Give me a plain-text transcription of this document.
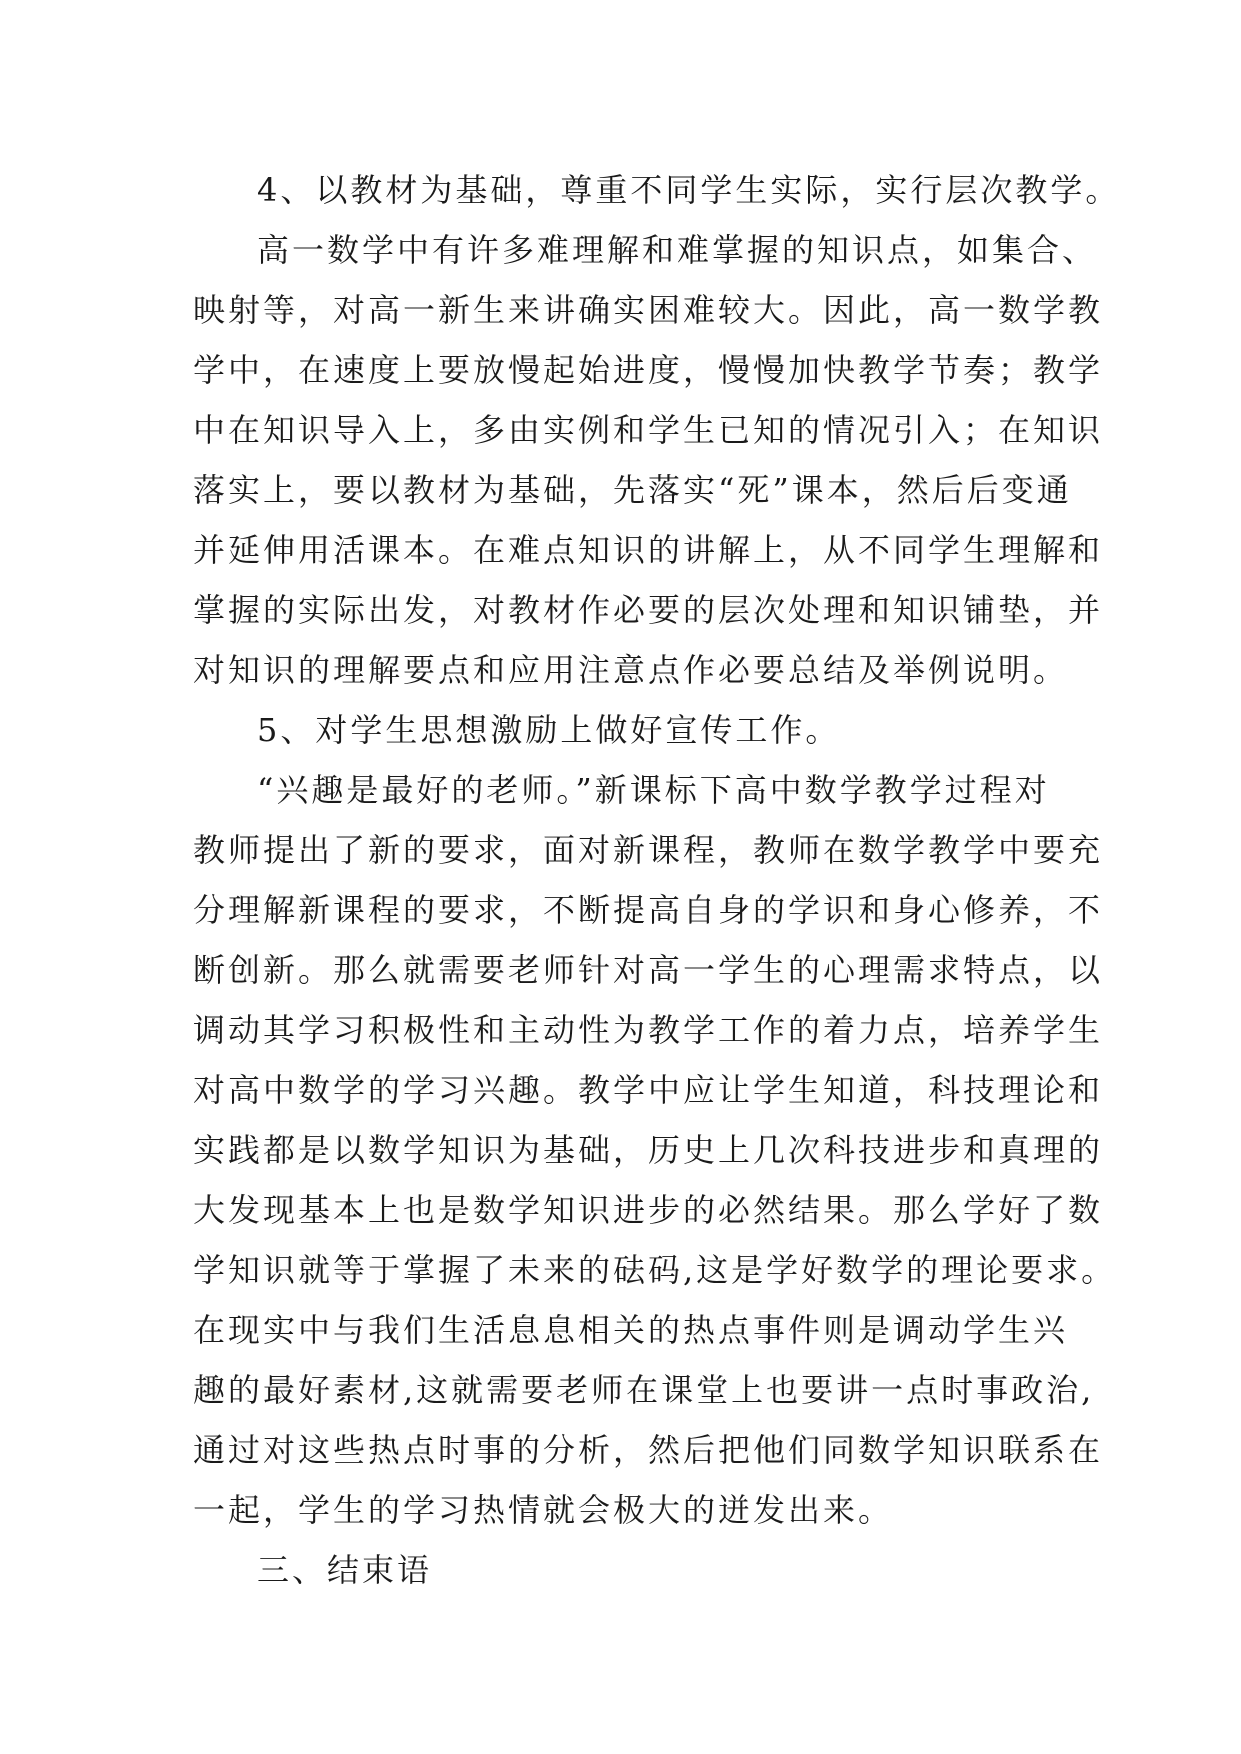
4、以教材为基础，尊重不同学生实际，实行层次教学。
高一数学中有许多难理解和难掌握的知识点，如集合、
映射等，对高一新生来讲确实困难较大。因此，高一数学教
学中，在速度上要放慢起始进度，慢慢加快教学节奏；教学
中在知识导入上，多由实例和学生已知的情况引入；在知识
落实上，要以教材为基础，先落实“死”课本，然后后变通
并延伸用活课本。在难点知识的讲解上，从不同学生理解和
掌握的实际出发，对教材作必要的层次处理和知识铺垫，并
对知识的理解要点和应用注意点作必要总结及举例说明。
5、对学生思想激励上做好宣传工作。
“兴趣是最好的老师。”新课标下高中数学教学过程对
教师提出了新的要求，面对新课程，教师在数学教学中要充
分理解新课程的要求，不断提高自身的学识和身心修养，不
断创新。那么就需要老师针对高一学生的心理需求特点，以
调动其学习积极性和主动性为教学工作的着力点，培养学生
对高中数学的学习兴趣。教学中应让学生知道，科技理论和
实践都是以数学知识为基础，历史上几次科技进步和真理的
大发现基本上也是数学知识进步的必然结果。那么学好了数
学知识就等于掌握了未来的砝码,这是学好数学的理论要求。
在现实中与我们生活息息相关的热点事件则是调动学生兴
趣的最好素材,这就需要老师在课堂上也要讲一点时事政治,
通过对这些热点时事的分析，然后把他们同数学知识联系在
一起，学生的学习热情就会极大的迸发出来。
三、结束语
